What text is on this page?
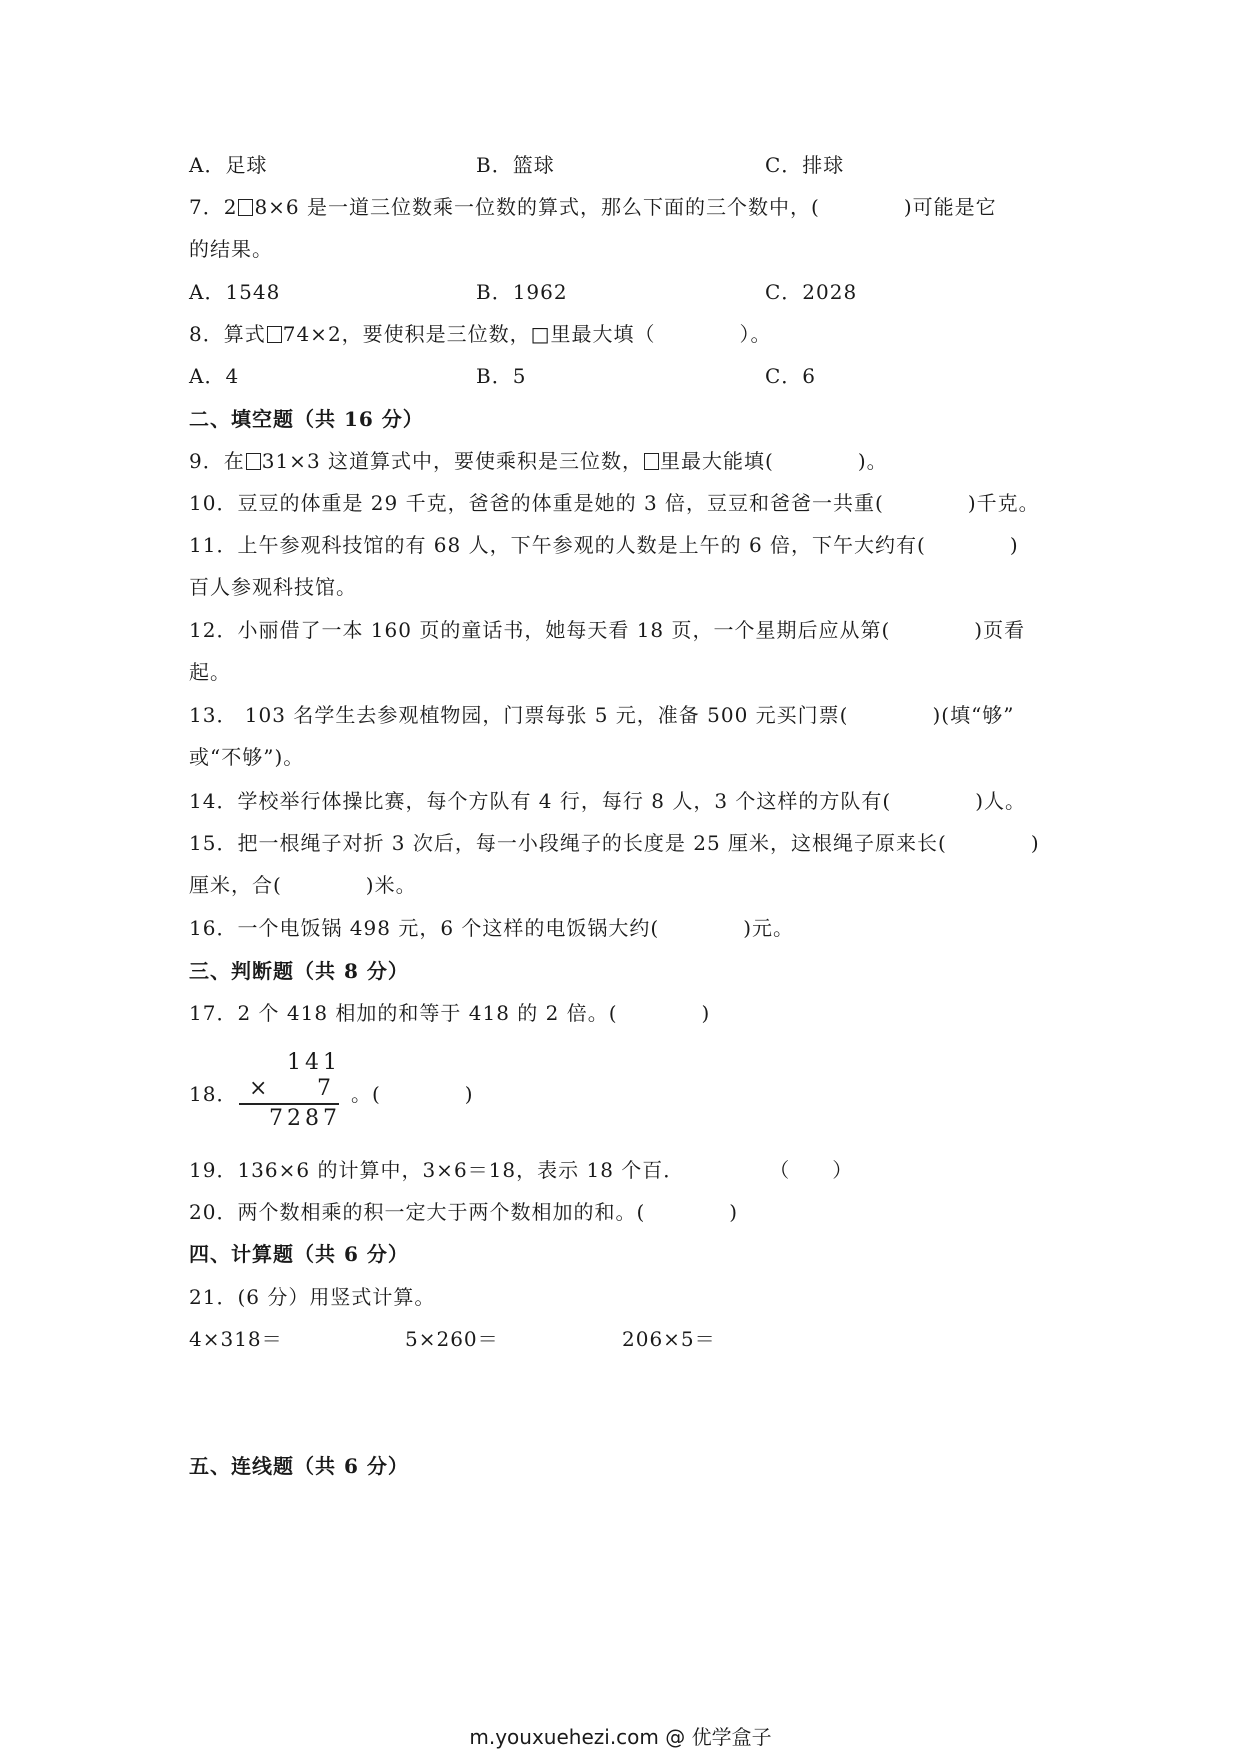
A．足球	B．篮球	C．排球
7．2 8×6 是一道三位数乘一位数的算式，那么下面的三个数中，(　　　　)可能是它
的结果。
A．1548	B．1962	C．2028
8．算式 74×2，要使积是三位数，□里最大填（　　　　）。
A．4	B．5	C．6
二、填空题（共 16 分）
9．在 31×3 这道算式中，要使乘积是三位数， 里最大能填(　　　　)。
10．豆豆的体重是 29 千克，爸爸的体重是她的 3 倍，豆豆和爸爸一共重(　　　　)千克。
11．上午参观科技馆的有 68 人，下午参观的人数是上午的 6 倍，下午大约有(　　　　)
百人参观科技馆。
12．小丽借了一本 160 页的童话书，她每天看 18 页，一个星期后应从第(　　　　)页看
起。
13． 103 名学生去参观植物园，门票每张 5 元，准备 500 元买门票(　　　　)(填“够”
或“不够”)。
14．学校举行体操比赛，每个方队有 4 行，每行 8 人，3 个这样的方队有(　　　　)人。
15．把一根绳子对折 3 次后，每一小段绳子的长度是 25 厘米，这根绳子原来长(　　　　)
厘米，合(　　　　)米。
16．一个电饭锅 498 元，6 个这样的电饭锅大约(　　　　)元。
三、判断题（共 8 分）
17．2 个 418 相加的和等于 418 的 2 倍。(　　　　)
18．
141
× 7
7287
。(　　　　)
19．136×6 的计算中，3×6＝18，表示 18 个百．　　　　　（　　）
20．两个数相乘的积一定大于两个数相加的和。(　　　　)
四、计算题（共 6 分）
21．(6 分）用竖式计算。
4×318＝	5×260＝	206×5＝
五、连线题（共 6 分）
m.youxuehezi.com @ 优学盒子
